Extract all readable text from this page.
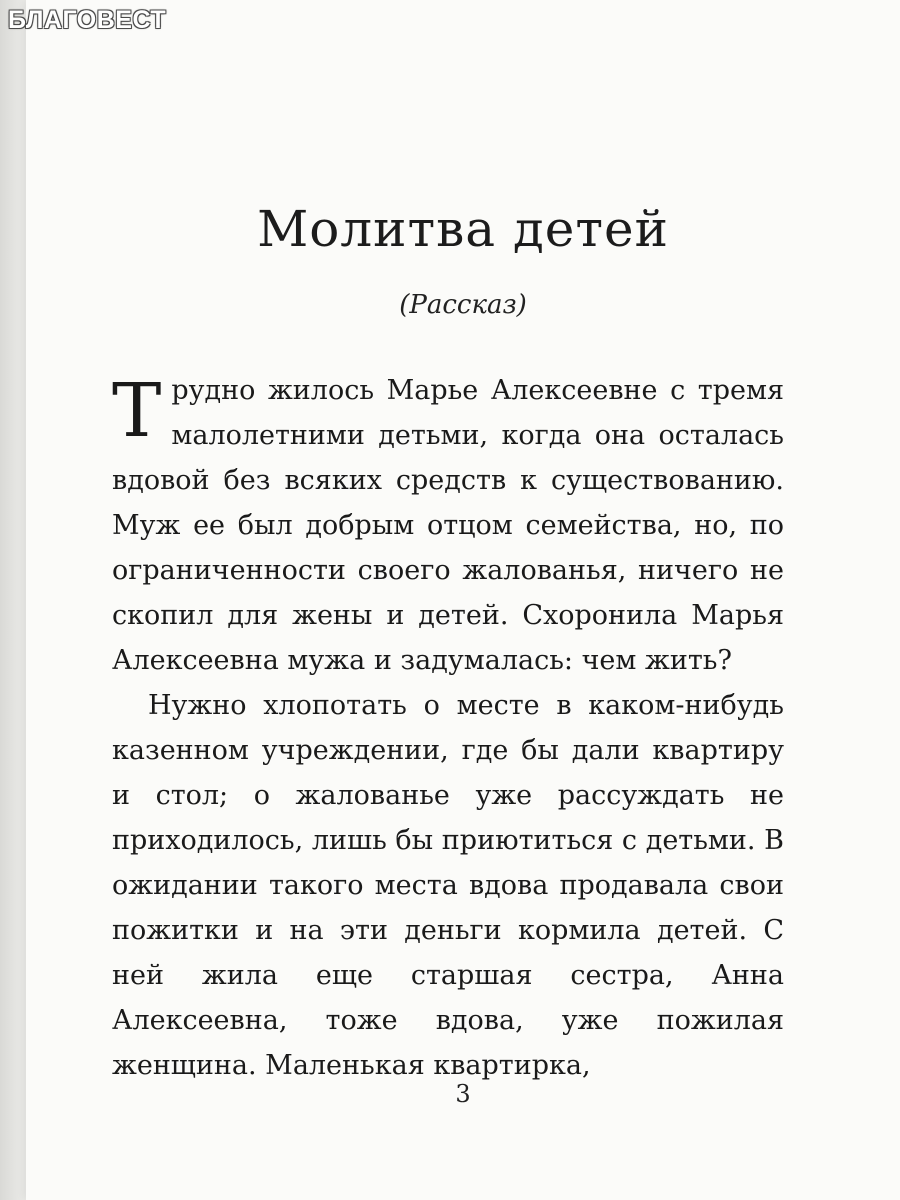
БЛАГОВЕСТ
Молитва детей
(Рассказ)

Трудно жилось Марье Алексеевне с тремя малолетними детьми, когда она осталась вдовой без всяких средств к существованию. Муж ее был добрым отцом семейства, но, по ограниченности своего жалованья, ничего не скопил для жены и детей. Схоронила Марья Алексеевна мужа и задумалась: чем жить?

Нужно хлопотать о месте в каком-нибудь казенном учреждении, где бы дали квартиру и стол; о жалованье уже рассуждать не приходилось, лишь бы приютиться с детьми. В ожидании такого места вдова продавала свои пожитки и на эти деньги кормила детей. С ней жила еще старшая сестра, Анна Алексеевна, тоже вдова, уже пожилая женщина. Маленькая квартирка,

3
